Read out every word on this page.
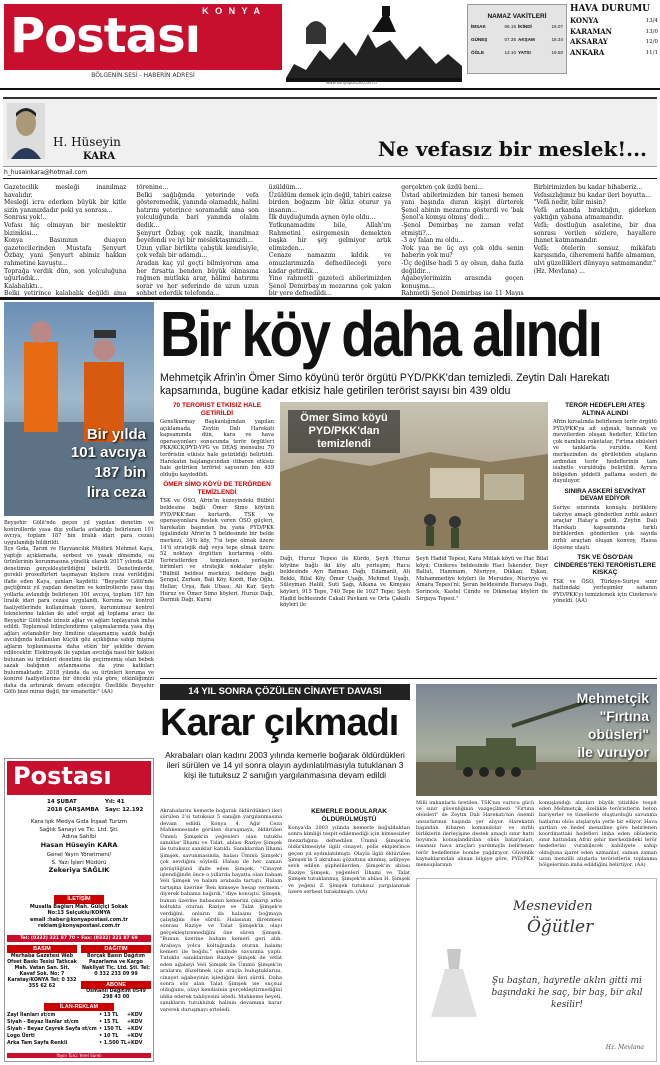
K O N Y A
Postası
BÖLGENİN SESİ - HABERİN ADRESİ
www.konyapostasi.com.tr
NAMAZ VAKİTLERİ
İMSAK	06.15 İKİNDİ	16.07
GÜNEŞ	07.35 AKŞAM	18.34
ÖĞLE	13.10 YATSI	19.50
HAVA DURUMU
KONYA	13/4
KARAMAN	13/0
AKSARAY	12/0
ANKARA	11/1
H. Hüseyin
KARA	Ne vefasız bir meslek!...
h_husainkara@hotmail.com
Gazetecilik mesleği inanılmaz havalıdır.
Mesleği icra ederken büyük bir kitle sizin yanınızdadır peki ya sonrası...
Sonrası yok!..
Vefası hiç olmayan bir meslektir bizimkisi...
Konya Basınının duayen gazetecilerinden Mustafa Şenyurt Özbay, yani Şenyurt abimiz hakkın rahmetine kavuştu...
Toprağa verdik dün, son yolculuğuna uğurladık...
Kalabalıktı...
Belki yetirince kalabalık değildi ama
törenine...
Belki sağlığında yeterinde vefa gösteremedik, yanında olamadık, halini hatırını yeterince soramadık ama son yolculuğunda bari yanında olalım dedik...
Şenyurt Özbay, çok nazik, inanılmaz beyefendi ve iyi bir meslektaşımızdı...
Uzun yıllar birlikte çalıştık kendisiyle, çok vefalı bir adamdı...
Aradan kaç yıl geçti bilmiyorum ama her fırsatta benden büyük olmasına rağmen mutlaka arar, hâlimi hatırımı sorar ve her seferinde de uzun uzun sohbet ederdik telefonda...

üzüldüm...
Üzüldüm demek için değil, tabiri caizse birden boğazım bir öküz oturur ya insanın...
İlk duyduğumda aynen öyle oldu...
Yutkunamadım bile, Allah'ım Rahmetini esirgemesin demekten başka bir şey gelmiyor artık elimizden...
Cenaze namazını kıldık ve omuzlarımızda defnedileceği yere kadar getirdik...
Yine rahmetli gazeteci abilerimizden Şenol Demirbaş'ın mezarına çok yakın bir yere defnedildi...

gerçekten çok üzdü beni...
Üstad abilerimizden bir tanesi hemen yanı başında duran kişiyi dürterek Şenol abinin mezarını gösterdi ve 'bak Şenol'a komşu olmuş' dedi...
-Şenol Demirbaş ne zaman vefat etmişti?...
-3 ay falan mı oldu...
-Yok yaa ne üç ayı çok oldu senin haberin yok mu?
-Üç değilse hadi 5 ay olsun, daha fazla değildir...
Ağabeylerimizin arasında geçen konuşma...
Rahmetli Şenol Demirbaş ise 11 Mayıs

Birbirimizden bu kadar bihaberiz...
Vefasızlığımız bu kadar ileri boyutta...
"Vefâ nedir, bilir misin?
Vefâ arkanda bıraktığın, giderken yaktığın yabana atmamandır.
Vefâ; dostluğun asaletine, bir dua sonrası verilen sözlere, hayallere ihanet katmamandır.
Vefâ; ötelerin sonsuz mikâfatı karşısında, ciheremeni hafife almaman, ulvi güzellikleri dünyaya satmamandır." (Hz. Mevlana) ...
Bir köy daha alındı
Mehmetçik Afrin'in Ömer Simo köyünü terör örgütü PYD/PKK'dan temizledi. Zeytin Dalı Harekatı kapsamında, bugüne kadar etkisiz hale getirilen terörist sayısı bin 439 oldu
Bir yılda
101 avcıya
187 bin
lira ceza
Beyşehir Gölü'nde geçen yıl yapılan denetim ve kontrollerde yasa dışı yollarla avlandığı belirlenen 101 avcıya, toplam 187 bin liralık idari para cezası uygulandığı bildirildi.
İlçe Gıda, Tarım ve Hayvancılık Müdürü Mehmet Kaya, yaptığı açıklamada, serbest ve yasak dönemde, su ürünlerinin korunmasına yönelik olarak 2017 yılında 626 denetimin gerçekleştirildiğini belirtti. Denetimlerde, gerekli prosedürleri taşımayan kişilere ceza verildiğini ifade eden Kaya, şunları kaydetti: "Beyşehir Gölü'nde geçtiğimiz yıl yapılan denetim ve kontrollerde yasa dışı yollarla avlandığı belirlenen 101 avcıya, toplam 187 bin liralık idari para cezası uygulandı. Koruma ve kontrol faaliyetlerinde kullanılmak üzere, kurumumuz kontrol teknelerine takılan iki adet ergat ağ toplama aracı ile Beyşehir Gölü'nde izinsiz ağlar ve ağları toplayarak imha edildi. Toplumsal bilinçlendirme çalışmalarında yasa dışı ağları avlanabilir boy limitine ulaşamamış sazlık balığı avcılığında kullanılan küçük göz açıklığına sahip mişina ağların toplanmasına daha etkin bir şekilde devam edilecektir. Elektroşok ile yapılan avcılığa nasıl bir katkısı bulunan su ürünleri denetimi ile geçirmemiş olan bebek sazak balığının avlanmasına da yine katkıları bulunmaktadır. 2018 yılında da su ürünleri koruma ve kontrol faaliyetlerine bir önceki yıla göre, etkinliğimizi daha da artırarak devam edeceğiz. Özellikle Beyşehir Gölü bize miras değil, bir emanettir." (AA)
70 TERÖRİST ETKİSİZ HALE GETİRİLDİ
Genelkurmay Başkanlığından yapılan açıklamada, Zeytin Dalı Harekatı kapsamında dün, kara ve hava operasyonları sonucunda terör örgütleri PKK/KCK/PYD-YPG ve DEAŞ mensubu 70 teröristin etkisiz hale getirildiği belirtildi. Harekatın başlangıcından itibaren etkisiz hale getirilen terörist sayısının bin 439 olduğu kaydedildi.
ÖMER SİMO KÖYÜ DE TERÖRDEN TEMİZLENDİ
TSK ve ÖSO, Afrin'in kuzeyindeki Bülbül beldesine bağlı Ömer Simo köyünü PYD/PKK'dan kurtardı. TSK ve operasyonlara destek veren ÖSO güçleri, harekatın başından bu yana PYD/PKK işgalindeki Afrin'in 5 beldesinde bir belde merkezi, 34'ü köy, 7'si tepe olmak üzere 14'ü stratejik dağ veya tepe olmak üzere 52 noktayı örgütten kurtarmış oldu. Teröristlerden temizlenen yerleşim birimleri ve stratejik noktalar şöyle: "Bülbül beldesi merkezi, beldeye bağlı Şengal, Zerkan, Bali Köy, Kordi, Hay Oğlu, Hellar, Urşa, Bak Ubası, Ali Kar, Şeyh Huruz ve Ömer Simo köyleri, Huruz Dağı, Darmık Dağı, Kurni
Ömer Simo köyü PYD/PKK'dan temizlendi
Dağı, Huruz Tepesi ile Kürdo, Şeyh Huruz köyüne bağlı iki köy altı yerleşim; Racu beldesinde Ayn Baiman Dağı, Edamanli, Ali Bekki, Bilal Köy, Ömer Uşağı, Mehmet Uşağı, Süleyman Halili, Suti Şağı, Alkana ve Kimyası köyleri, 915 Tepe, 740 Tepe ile 1027 Tepe; Şeyh Hadid beldesinde Cakali Pavkani ve Orta Çakallı köyleri ile
Şeyh Hadid Tepesi, Kara Mitlak köyü ve Hac Bilal köyü; Cinderes beldesinde Haci İskender, Deyr Ballut, Hammam, Nisriyye, Dikkan, Eşkan, Muhammediye köyleri ile Mersides, Nisriyye ve Amara Tepesi'ni; Şeran beldesinde Bursaya Dağı, Sorincek, Kastel Cündo ve Dikmetaş köyleri ile Sirgaya Tepesi."
TERÖR HEDEFLERİ ATEŞ ALTINA ALINDI
Afrin kırsalında belirlenen terör örgütü PYD/PKK'ya ait sığınak, barınak ve mevzilerden oluşan hedefler, Kilis'ten çok namlulu roketatar, Fırtına obüsleri ve tanklarla vuruldu. Kent merkezinden de görülebilen atışların ardından terör hedeflerinin tam isabetle vurulduğu belirtildi. Ayrıca bölgeden şiddetli patlama sesleri de duyuluyor.
SINIRA ASKERİ SEVKİYAT DEVAM EDİYOR
Suriye sınırında konuşlu birliklere takviye amaçlı gönderilen zırhlı askeri araçlar Hatay'a geldi. Zeytin Dalı Harekatı kapsamında farklı birliklerden gönderilen çok sayıda zırhlı araçtan oluşan konvoy, Hassa ilçesine ulaştı.
TSK VE ÖSO'DAN CİNDERES'TEKİ TERÖRİSTLERE KISKAÇ
TSK ve ÖSO, Türkiye-Suriye sınır hattındaki yerleşimler sahanın PYD/PKK'yı temizlemek için Cinderes'e yöneldi. (AA)
14 YIL SONRA ÇÖZÜLEN CİNAYET DAVASI
Karar çıkmadı
Akrabaları olan kadını 2003 yılında kemerle boğarak öldürdükleri ileri sürülen ve 14 yıl sonra olayın aydınlatılmasıyla tutuklanan 3 kişi ile tutuksuz 2 sanığın yargılanmasına devam edildi
Akrabalarını kemerle boğarak öldürdükleri ileri sürülen 2'si tutuksuz 5 sanığın yargılanmasına devam edildi. Konya 4. Ağır Ceza Mahkemesinde görülen duruşmaya, öldürülen Ümmü Şimşek'in yeğenleri olan tutuklu sanıklar İlhami ve Talat, ablası Raziye Şimşek ile tutuksuz sanıklar katıldı. Sanıklardan İlhami Şimşek, savunmasında, halası Ümmü Şimşek'i çok sevdiğini söyledi. Halası ile her zaman görüştüğünü ifade eden Şimşek, "Cinayet işlendiğinde önce o yıllarda hayatta olan babam Veli Şimşek ve halam arabada tartıştı. Halam tartışma üzerine 'Ben kimseye hesap vermem.' diyerek babama bağırdı." diye konuştu. Şimşek, bunun üzerine babasının kemerini çıkarıp arka koltukta oturan Raziye ve Talat Şimşek'e verdiğini, onların da halasını boğmaya çalıştığını öne sürdü. Halasının direnmesi sonrası Raziye ve Talat Şimşek'in olayı gerçekleştiremediğini öne süren Şimşek, "Bunun üzerine babam kemeri geri aldı. Arabaya yolcu koltuğunda oturan halamı kemeri ile boğdu." şeklinde savunma yaptı. Tutuklu sanıklardan Raziye Şimşek de vefat eden ağabeyi Veli Şimşek ile Ümmü Şimşek'in aralarını düzeltmek için araçla buluştuklarını, cinayet ağabeyinin işlediğini ileri sürdü. Daha sonra söz alan Talat Şimşek ise suçsuz olduğunu, olayı kendisinin gerçekleştirmediğini iddia ederek tahliyesini istedi. Mahkeme heyeti, sanıkların tutukluluk halinin devamına karar vererek duruşmayı erteledi.
KEMERLE BOĞULARAK ÖLDÜRÜLMÜŞTÜ
Konya'da 2003 yılında kemerle boğulduktan sonra kimliği tespit edilemediği için kimsesizler mezarlığına defnedilen Ümmü Şimşek'in öldürülmesiyle ilgili cinayet, polis ekiplerince geçen yıl aydınlatılmıştı. Olayla ilgili öldürülen Şimşek'in 5 akrabası gözaltına alınmış, adliyeye sevk edilen şüphelilerden, Şimşek'in ablası Raziye Şimşek, yeğenleri İlhami ve Talat Şimşek tutuklanmış, Şimşek'in ablası H. Şimşek ve yeğeni Z. Şimşek tutuksuz yargılanmak üzere serbest bırakılmıştı. (AA)
Mehmetçik
"Fırtına
obüsleri"
ile vuruyor
Milli imkanlarla üretilen, TSK'nın vurucu gücü ve sınır güvenliğinin vazgeçilmezi "Fırtına obüsleri" de Zeytin Dalı Harekatı'nın önemli unsurlarının başında yer alıyor. Harekatın başından itibaren komandolar ve zırhlı birliklerin ilerleyişine destek amaçlı sınır hattı boyunca konuşlandırılan obüs bataryaları, insansız hava araçları yardımıyla belirlenen terör hedeflerine bombe yağdırıyor. Güvenlik kaynaklarından alınan bilgiye göre, PYD/PKK mensuplarının
konuşlandığı alanları büyük titizlikle tespit eden Mehmetçik, özellikle teröristlerin beton bariyerler ve tünellerle oluşturduğu savunma hatlarını obüs atışlarıyla yerle bir ediyor. Hava şartları ve hedef menziline göre belirlenen koordinattaki hedefleri imha eden obüslerin sınır hattından Afrin şehir merkezindeki terör hedeflerini vurabilecek kabiliyete sahip olduğuna işaret eden uzmanlar, zaman zaman uzun menzilli atışlarla teröristlerin toplanma bölgelerinin imha edildiğini belirtiyor. (AA)
Mesneviden
Öğütler
Şu baştan, hayretle aklın gitti mi başındaki he saç, bir baş, bir akıl kesilir!
Hz. Mevlana
Postası
14 ŞUBAT	Yıl: 41
2018 ÇARŞAMBA Sayı: 12.192
Kara Işık Medya Gıda İnşaat Turizm
Sağlık Sanayi ve Tic. Ltd. Şti.
Adına Sahibi
Hasan Hüseyin KARA
Genel Yayın Yönetmeni/
S. Yazı İşleri Müdürü
Zekeriya SAĞLIK
İLETİŞİM
Musalla Bağları Mah. Gülçiçi Sokak
No:13 Selçuklu/KONYA
email :haber@konyapostasi.com.tr
reklam@konyapostasi.com.tr
Tel: (0332) 321 87 70 • Fax: (0332) 321 87 69
BASIM
Merhaba Gazetesi Web Ofset Baskı Tesisi Tatlıcak Mah. Vatan San. Sit. Kavaf Sok. No: 7 Karatay/KONYA Tel: 0 332 355 62 62
DAĞITIM
Borçak Basın Dağıtım Pazarlama ve Kargo Nakliyat Tic. Ltd. Şti. Tel: 0 332 233 09 99
ABONE
Osmanlı Dağıtım 0549 298 43 00
İLAN-REKLAM
Zayi İlanları st/cm	• 13 TL	+KDV
Siyah - Beyaz İlanlar st/cm	• 15 TL	+KDV
Siyah - Beyaz Çeyrek Sayfa st/cm • 150 TL	+KDV
Logo Üsrti	• 10 TL	+KDV
Arka Tam Sayfa Renkli	• 1.500 TL +KDV
Yayın Türü: Yerel Süreli
